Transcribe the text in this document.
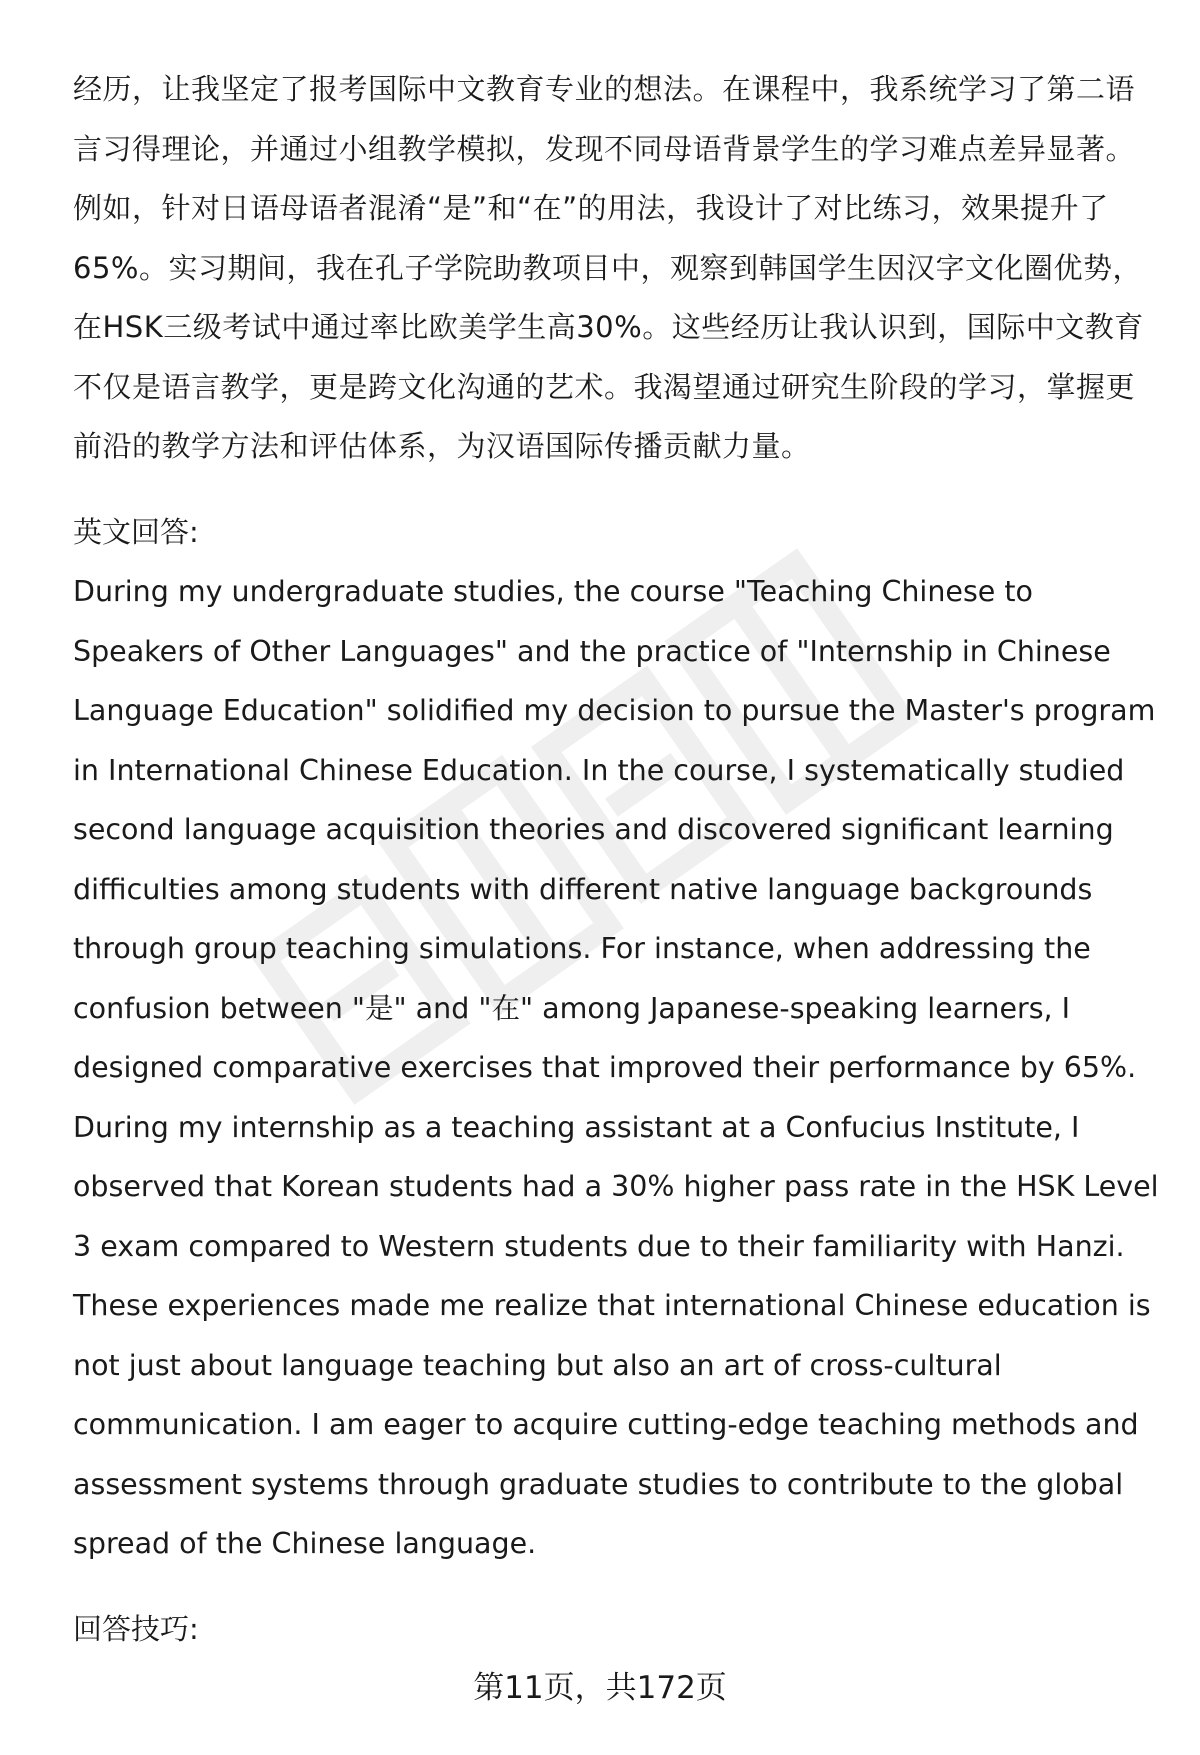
经历，让我坚定了报考国际中文教育专业的想法。在课程中，我系统学习了第二语言习得理论，并通过小组教学模拟，发现不同母语背景学生的学习难点差异显著。例如，针对日语母语者混淆“是”和“在”的用法，我设计了对比练习，效果提升了65%。实习期间，我在孔子学院助教项目中，观察到韩国学生因汉字文化圈优势，在HSK三级考试中通过率比欧美学生高30%。这些经历让我认识到，国际中文教育不仅是语言教学，更是跨文化沟通的艺术。我渴望通过研究生阶段的学习，掌握更前沿的教学方法和评估体系，为汉语国际传播贡献力量。

英文回答:

During my undergraduate studies, the course "Teaching Chinese to Speakers of Other Languages" and the practice of "Internship in Chinese Language Education" solidified my decision to pursue the Master's program in International Chinese Education. In the course, I systematically studied second language acquisition theories and discovered significant learning difficulties among students with different native language backgrounds through group teaching simulations. For instance, when addressing the confusion between "是" and "在" among Japanese-speaking learners, I designed comparative exercises that improved their performance by 65%. During my internship as a teaching assistant at a Confucius Institute, I observed that Korean students had a 30% higher pass rate in the HSK Level 3 exam compared to Western students due to their familiarity with Hanzi. These experiences made me realize that international Chinese education is not just about language teaching but also an art of cross-cultural communication. I am eager to acquire cutting-edge teaching methods and assessment systems through graduate studies to contribute to the global spread of the Chinese language.

回答技巧:

第11页，共172页
